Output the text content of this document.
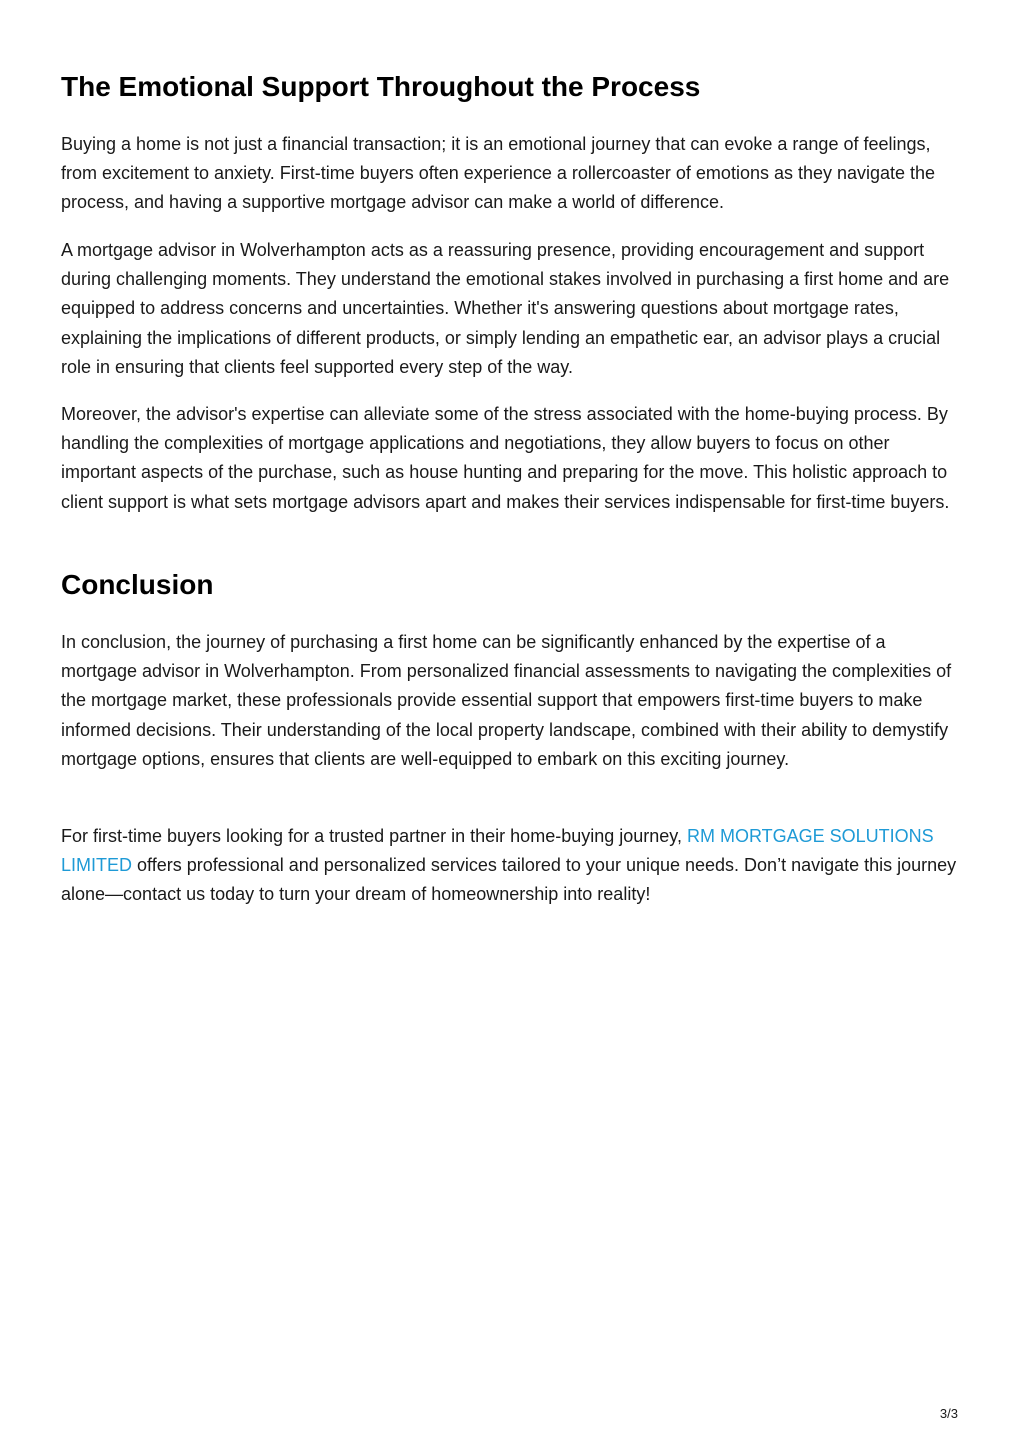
The Emotional Support Throughout the Process

Buying a home is not just a financial transaction; it is an emotional journey that can evoke a range of feelings, from excitement to anxiety. First-time buyers often experience a rollercoaster of emotions as they navigate the process, and having a supportive mortgage advisor can make a world of difference.

A mortgage advisor in Wolverhampton acts as a reassuring presence, providing encouragement and support during challenging moments. They understand the emotional stakes involved in purchasing a first home and are equipped to address concerns and uncertainties. Whether it's answering questions about mortgage rates, explaining the implications of different products, or simply lending an empathetic ear, an advisor plays a crucial role in ensuring that clients feel supported every step of the way.

Moreover, the advisor's expertise can alleviate some of the stress associated with the home-buying process. By handling the complexities of mortgage applications and negotiations, they allow buyers to focus on other important aspects of the purchase, such as house hunting and preparing for the move. This holistic approach to client support is what sets mortgage advisors apart and makes their services indispensable for first-time buyers.

Conclusion

In conclusion, the journey of purchasing a first home can be significantly enhanced by the expertise of a mortgage advisor in Wolverhampton. From personalized financial assessments to navigating the complexities of the mortgage market, these professionals provide essential support that empowers first-time buyers to make informed decisions. Their understanding of the local property landscape, combined with their ability to demystify mortgage options, ensures that clients are well-equipped to embark on this exciting journey.

For first-time buyers looking for a trusted partner in their home-buying journey, RM MORTGAGE SOLUTIONS LIMITED offers professional and personalized services tailored to your unique needs. Don’t navigate this journey alone—contact us today to turn your dream of homeownership into reality!

3/3
